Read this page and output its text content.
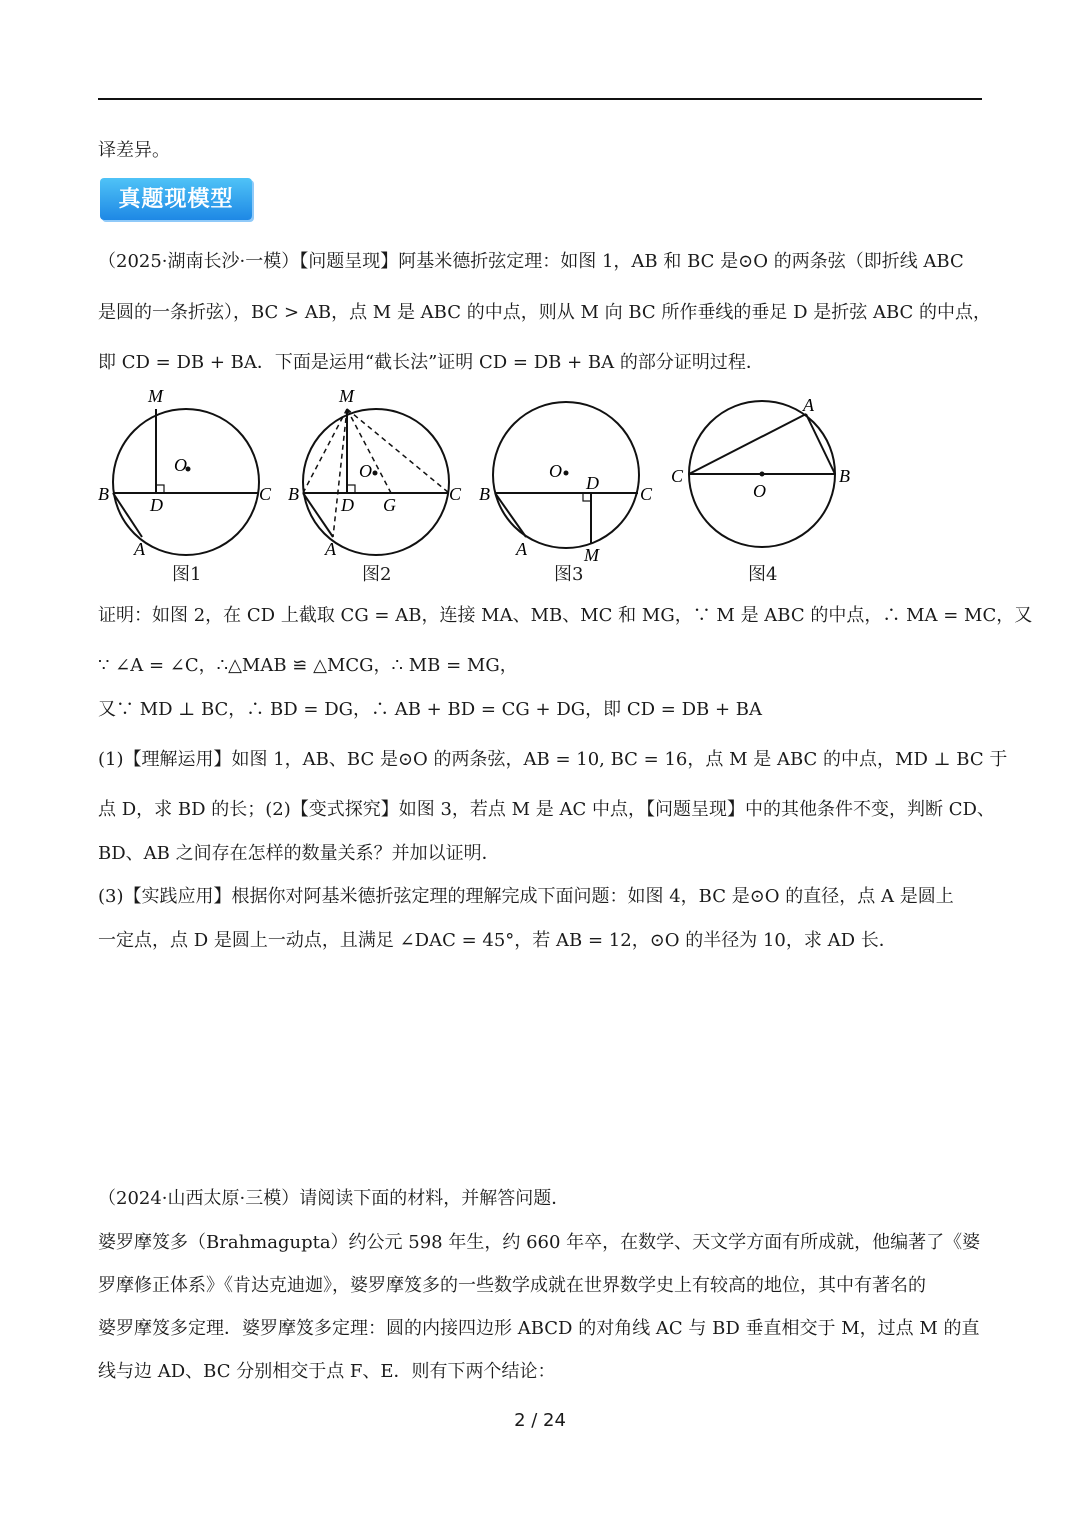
译差异。
真题现模型
（2025·湖南长沙·一模）【问题呈现】阿基米德折弦定理：如图 1，AB 和 BC 是⊙O 的两条弦（即折线 ABC
是圆的一条折弦），BC > AB，点 M 是 ABC 的中点，则从 M 向 BC 所作垂线的垂足 D 是折弦 ABC 的中点，
即 CD = DB + BA．下面是运用“截长法”证明 CD = DB + BA 的部分证明过程．
M
O
B
D
C
A
M
O
B
D G
C
A
O
D
B	C
A	M
A
C
O
B
图1	图2	图3	图4
证明：如图 2，在 CD 上截取 CG = AB，连接 MA、MB、MC 和 MG，∵ M 是 ABC 的中点，∴ MA = MC，又
∵ ∠A = ∠C，∴△MAB ≌ △MCG，∴ MB = MG，
又∵ MD ⊥ BC，∴ BD = DG，∴ AB + BD = CG + DG，即 CD = DB + BA
(1)【理解运用】如图 1，AB、BC 是⊙O 的两条弦，AB = 10, BC = 16，点 M 是 ABC 的中点，MD ⊥ BC 于
点 D，求 BD 的长；(2)【变式探究】如图 3，若点 M 是 AC 中点，【问题呈现】中的其他条件不变，判断 CD、
BD、AB 之间存在怎样的数量关系？并加以证明．
(3)【实践应用】根据你对阿基米德折弦定理的理解完成下面问题：如图 4，BC 是⊙O 的直径，点 A 是圆上
一定点，点 D 是圆上一动点，且满足 ∠DAC = 45°，若 AB = 12，⊙O 的半径为 10，求 AD 长．
（2024·山西太原·三模）请阅读下面的材料，并解答问题．
婆罗摩笈多（Brahmagupta）约公元 598 年生，约 660 年卒，在数学、天文学方面有所成就，他编著了《婆
罗摩修正体系》《肯达克迪迦》，婆罗摩笈多的一些数学成就在世界数学史上有较高的地位，其中有著名的
婆罗摩笈多定理．婆罗摩笈多定理：圆的内接四边形 ABCD 的对角线 AC 与 BD 垂直相交于 M，过点 M 的直
线与边 AD、BC 分别相交于点 F、E．则有下两个结论：
2 / 24
